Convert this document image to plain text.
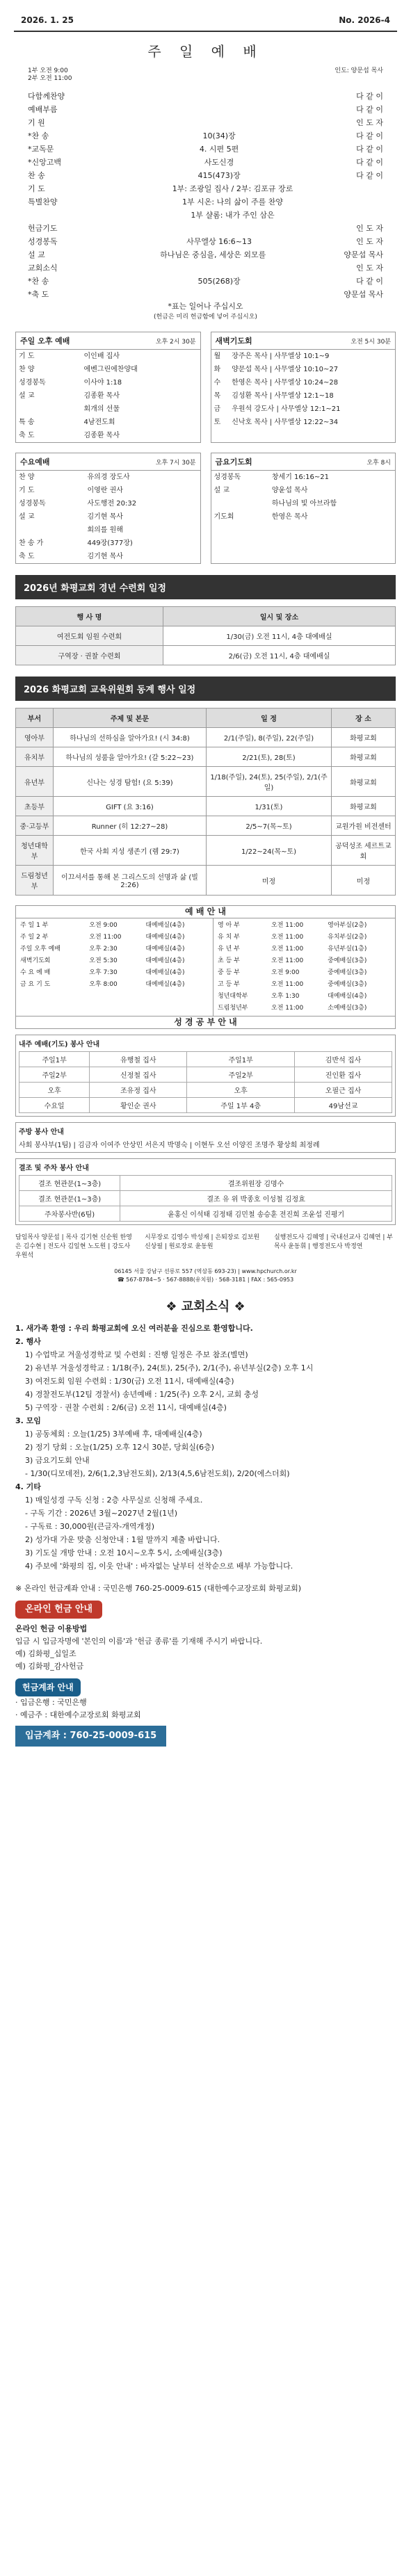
2026. 1. 25	No. 2026-4
주 일 예 배
1부 오전 9:00
2부 오전 11:00
인도: 양문섭 목사
다함께찬양	다 같 이
예배부름	다 같 이
기 원	인 도 자
*찬 송	10(34)장	다 같 이
*교독문	4. 시편 5편	다 같 이
*신앙고백	사도신경	다 같 이
찬 송	415(473)장	다 같 이
기 도	1부: 조광일 집사 / 2부: 김포규 장로
특별찬양	1부 시온: 나의 삶이 주를 찬양
1부 샬롬: 내가 주인 삼은
헌금기도	인 도 자
성경봉독	사무엘상 16:6~13	인 도 자
설 교	하나님은 중심을, 세상은 외모를	양문섭 목사
교회소식	인 도 자
*찬 송	505(268)장	다 같 이
*축 도	양문섭 목사
*표는 일어나 주십시오
(헌금은 미리 헌금함에 넣어 주십시오)
주일 오후 예배	오후 2시 30분
기 도	이인배 집사
찬 양	에벤그린에찬양대
성경봉독	이사야 1:18
설 교	김종환 목사
	회개의 선물
특 송	4남전도회
축 도	김종환 목사
새벽기도회	오전 5시 30분
월	장주은 목사 | 사무엘상 10:1~9
화	양문섭 목사 | 사무엘상 10:10~27
수	한영은 목사 | 사무엘상 10:24~28
목	김성환 목사 | 사무엘상 12:1~18
금	우원석 강도사 | 사무엘상 12:1~21
토	신낙호 목사 | 사무엘상 12:22~34
수요예배	오후 7시 30분
찬 양	유의경 장도사
기 도	이영란 권사
성경봉독	사도행전 20:32
설 교	김기현 목사
	회의를 원해
찬 송 가	449장(377장)
축 도	김기현 목사
금요기도회	오후 8시
성경봉독	창세기 16:16~21
설 교	양윤섭 목사
	하나님의 빛 아브라함
기도회	한영은 목사
2026년 화평교회 경년 수련회 일정
행 사 명	일시 및 장소
여전도회 임원 수련회	1/30(금) 오전 11시, 4층 대예배실
구역장 · 권찰 수련회	2/6(금) 오전 11시, 4층 대예배실
2026 화평교회 교육위원회 동계 행사 일정
부서	주제 및 본문	일 정	장 소
영아부	하나님의 선하심을 알아가요! (시 34:8)	2/1(주일), 8(주일), 22(주일)	화평교회
유치부	하나님의 성품을 알아가요! (갈 5:22~23)	2/21(토), 28(토)	화평교회
유년부	신나는 성경 탐험! (요 5:39)	1/18(주일), 24(토), 25(주일), 2/1(주일)	화평교회
초등부	GIFT (요 3:16)	1/31(토)	화평교회
중·고등부	Runner (히 12:27~28)	2/5~7(목~토)	교원가원 비전센터
청년대학부	한국 사회 지성 생존기 (렘 29:7)	1/22~24(목~토)	공덕성조 세르트교회
드림청년부	이끄셔서를 통해 본 그리스도의 선명과 삶 (빌 2:26)	미정	미정
예 배 안 내

주 일 1 부	오전 9:00	대예배실(4층)
주 일 2 부	오전 11:00	대예배실(4층)
주일 오후 예배	오후 2:30	대예배실(4층)
새벽기도회	오전 5:30	대예배실(4층)
수 요 예 배	오후 7:30	대예배실(4층)
금 요 기 도	오후 8:00	대예배실(4층)

영 아 부	오전 11:00	영아부실(2층)
유 치 부	오전 11:00	유치부실(2층)
유 년 부	오전 11:00	유년부실(1층)
초 등 부	오전 11:00	중예배실(3층)
중 등 부	오전 9:00	중예배실(3층)
고 등 부	오전 11:00	중예배실(3층)
청년대학부	오후 1:30	대예배실(4층)
드림청년부	오전 11:00	소예배실(3층)

성 경 공 부 안 내
내주 예배(기도) 봉사 안내
주일1부	유행철 집사	주일1부	김반석 집사
주일2부	신정철 집사	주일2부	진인환 집사
오후	조유정 집사	오후	오필근 집사
수요일	황인순 권사	주일 1부 4층	49남선교
주방 봉사 안내
사회 봉사부(1팀) | 김금자 이여주 안상민 서은지 박명숙 | 이현두 오선 이양진 조명주 황상희 최정례
결조 및 주차 봉사 안내
결조 현관문(1~3층)	결조위원장 김명수
결조 현관문(1~3층)	결조 유 위 박종호 이성철 김정효
주차봉사반(6팀)	윤홍신 이석태 김정태 김민철 송승훈 전진희 조윤섭 진평기
담임목사 양문섭 | 목사 김기현 신순원 한영은 김수현 | 전도사 김일현 노도원 | 강도사 우원석
시무장로 김영수 박성재 | 은퇴장로 김보원 신상필 | 원로장로 윤동원
실행전도사 김혜영 | 국내선교사 김혜연 | 부목사 윤동휘 | 행정전도사 박정연
06145 서울 강남구 선릉로 557 (역삼동 693-23) | www.hpchurch.or.kr
☎ 567-8784~5 · 567-8888(유치원) · 568-3181 | FAX : 565-0953
❖ 교회소식 ❖
1. 새가족 환영 : 우리 화평교회에 오신 여러분을 진심으로 환영합니다.
2. 행사
1) 수업박교 겨울성경학교 및 수련회 : 진행 일정은 주보 참조(별면)
2) 유년부 겨울성경학교 : 1/18(주), 24(토), 25(주), 2/1(주), 유년부실(2층) 오후 1시
3) 여전도회 임원 수련회 : 1/30(금) 오전 11시, 대예배실(4층)
4) 경찰전도부(12팀 경찰서) 송년예배 : 1/25(주) 오후 2시, 교회 충성
5) 구역장 · 권찰 수련회 : 2/6(금) 오전 11시, 대예배실(4층)
3. 모임
1) 공동체회 : 오늘(1/25) 3부예배 후, 대예배실(4층)
2) 정기 당회 : 오늘(1/25) 오후 12시 30분, 당회실(6층)
3) 금요기도회 안내
- 1/30(디모데전), 2/6(1,2,3남전도회), 2/13(4,5,6남전도회), 2/20(에스더회)
4. 기타
1) 매일성경 구독 신청 : 2층 사무실로 신청해 주세요.
- 구독 기간 : 2026년 3월~2027년 2월(1년)
- 구독료 : 30,000원(큰글자-개역개정)
2) 성가대 가운 맞춤 신청안내 : 1월 말까지 제출 바랍니다.
3) 기도실 개방 안내 : 오전 10시~오후 5시, 소예배실(3층)
4) 주보에 '화평의 집, 이웃 안내' : 바자없는 날부터 선착순으로 배부 가능합니다.
※ 온라인 헌금계좌 안내 : 국민은행 760-25-0009-615 (대한예수교장로회 화평교회)
온라인 헌금 안내
온라인 헌금 이용방법
입금 시 입금자명에 '본인의 이름'과 '헌금 종류'를 기재해 주시기 바랍니다.
예) 김화평_십일조
예) 김화평_감사헌금
헌금계좌 안내
· 입금은행 : 국민은행
· 예금주 : 대한예수교장로회 화평교회
입금계좌 : 760-25-0009-615
